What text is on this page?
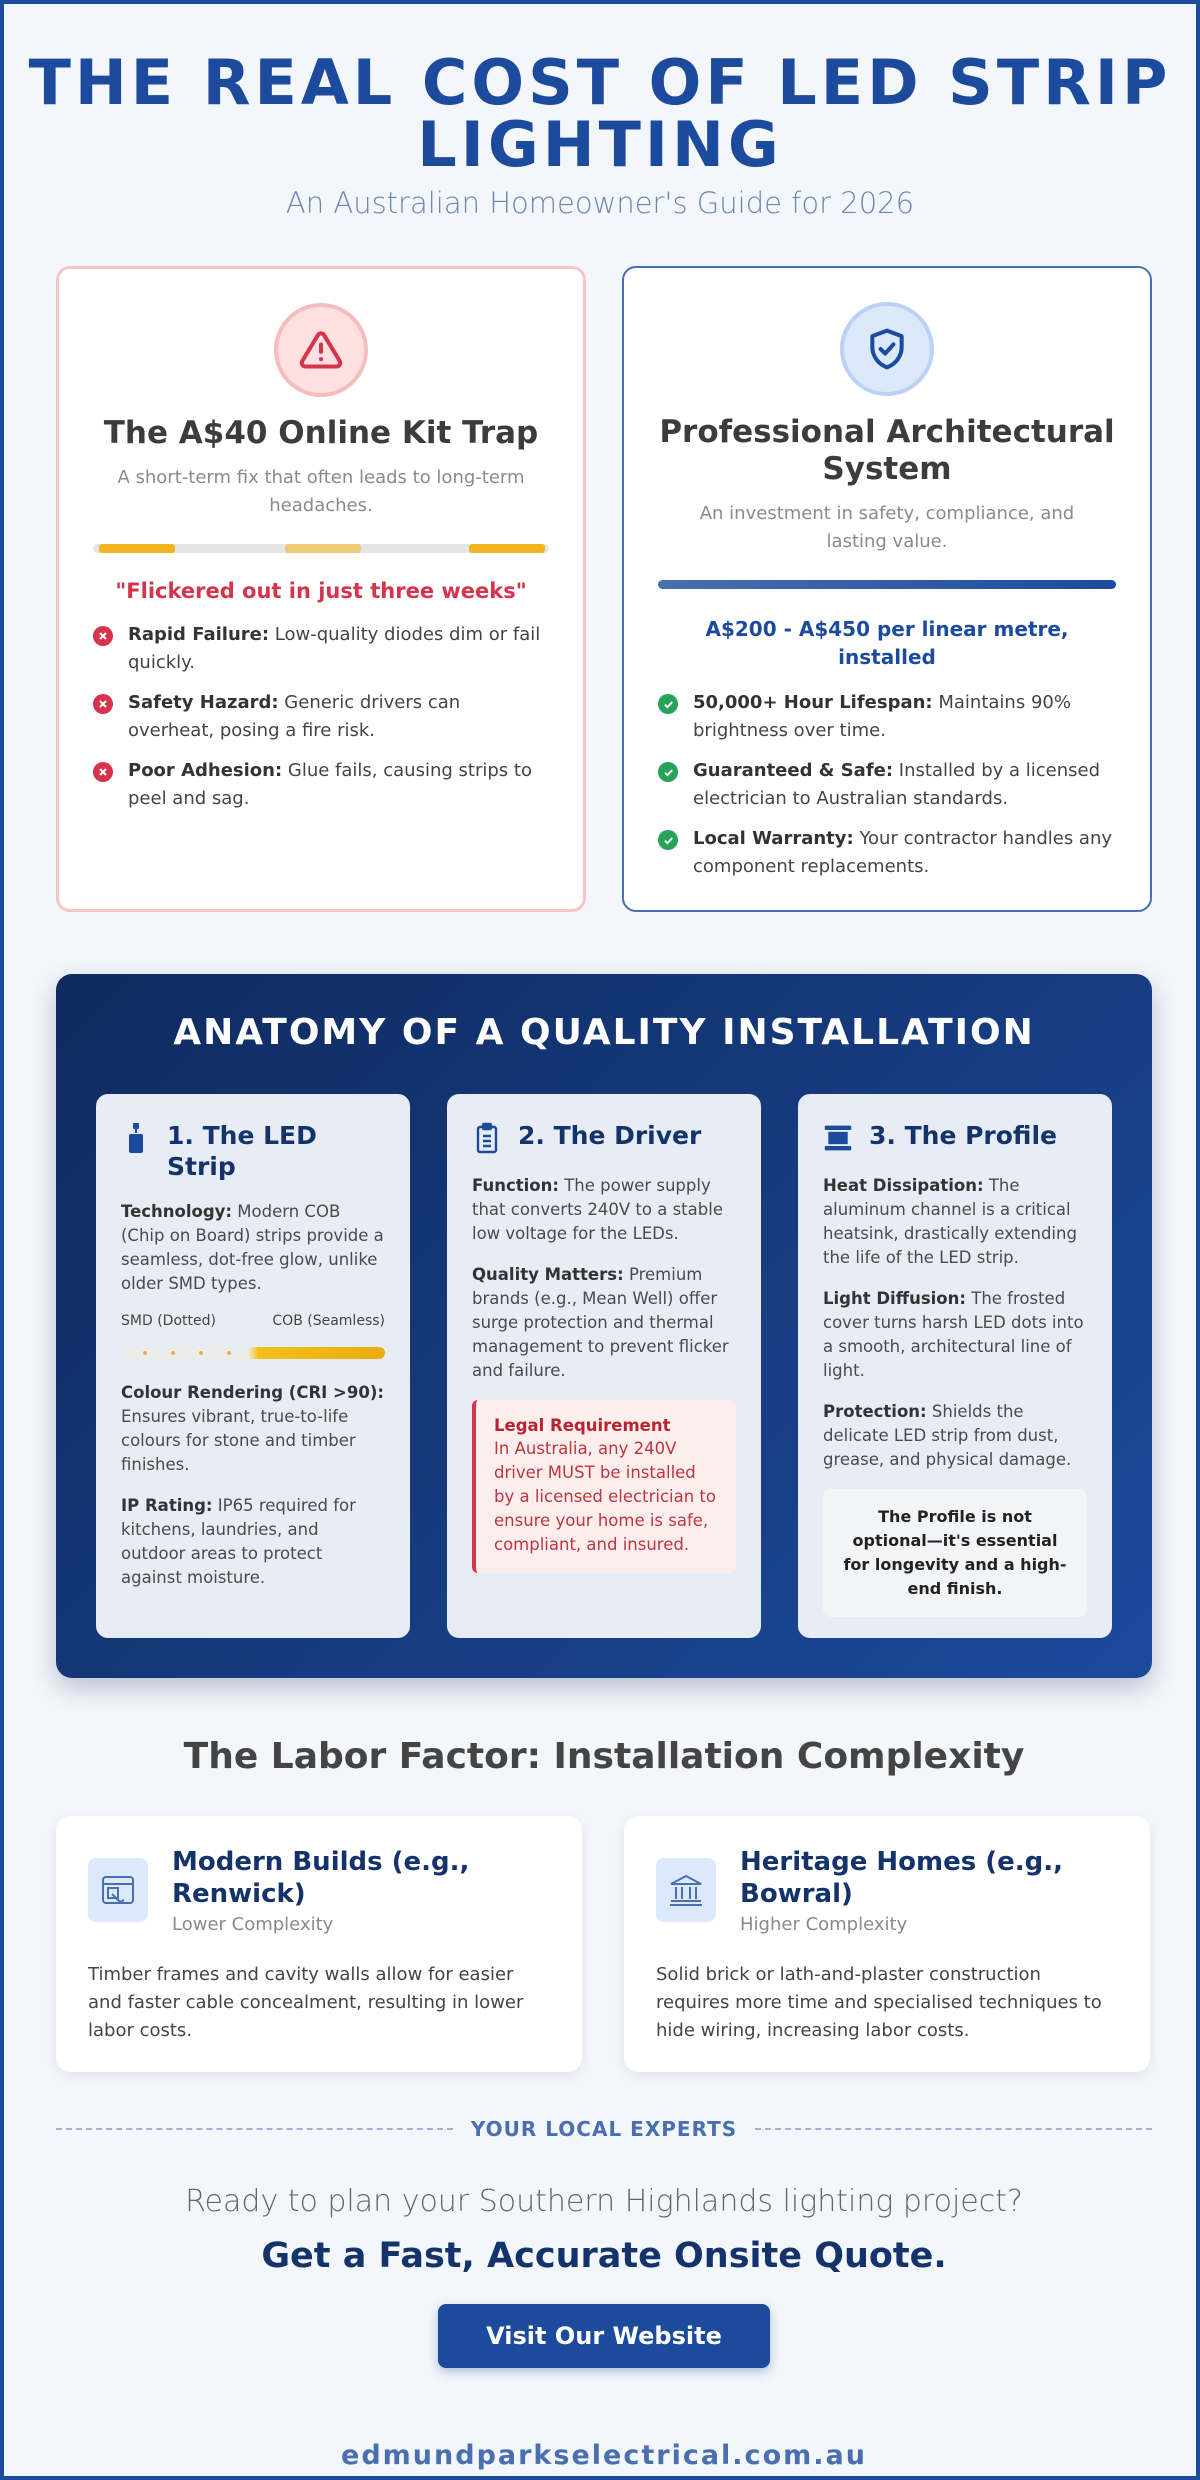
THE REAL COST OF LED STRIP LIGHTING
An Australian Homeowner's Guide for 2026
The A$40 Online Kit Trap
A short-term fix that often leads to long-term headaches.
"Flickered out in just three weeks"
Rapid Failure: Low-quality diodes dim or fail quickly.
Safety Hazard: Generic drivers can overheat, posing a fire risk.
Poor Adhesion: Glue fails, causing strips to peel and sag.
Professional Architectural System
An investment in safety, compliance, and lasting value.
A$200 - A$450 per linear metre, installed
50,000+ Hour Lifespan: Maintains 90% brightness over time.
Guaranteed & Safe: Installed by a licensed electrician to Australian standards.
Local Warranty: Your contractor handles any component replacements.
ANATOMY OF A QUALITY INSTALLATION
1. The LED Strip

Technology: Modern COB (Chip on Board) strips provide a seamless, dot-free glow, unlike older SMD types.

SMD (Dotted)	COB (Seamless)

Colour Rendering (CRI >90): Ensures vibrant, true-to-life colours for stone and timber finishes.

IP Rating: IP65 required for kitchens, laundries, and outdoor areas to protect against moisture.

2. The Driver

Function: The power supply that converts 240V to a stable low voltage for the LEDs.

Quality Matters: Premium brands (e.g., Mean Well) offer surge protection and thermal management to prevent flicker and failure.

Legal Requirement
In Australia, any 240V driver MUST be installed by a licensed electrician to ensure your home is safe, compliant, and insured.
3. The Profile

Heat Dissipation: The aluminum channel is a critical heatsink, drastically extending the life of the LED strip.

Light Diffusion: The frosted cover turns harsh LED dots into a smooth, architectural line of light.

Protection: Shields the delicate LED strip from dust, grease, and physical damage.

The Profile is not optional—it's essential for longevity and a high-end finish.
The Labor Factor: Installation Complexity
Modern Builds (e.g., Renwick)
Lower Complexity
Timber frames and cavity walls allow for easier and faster cable concealment, resulting in lower labor costs.
Heritage Homes (e.g., Bowral)
Higher Complexity
Solid brick or lath-and-plaster construction requires more time and specialised techniques to hide wiring, increasing labor costs.
YOUR LOCAL EXPERTS
Ready to plan your Southern Highlands lighting project?
Get a Fast, Accurate Onsite Quote.
Visit Our Website
edmundparkselectrical.com.au
